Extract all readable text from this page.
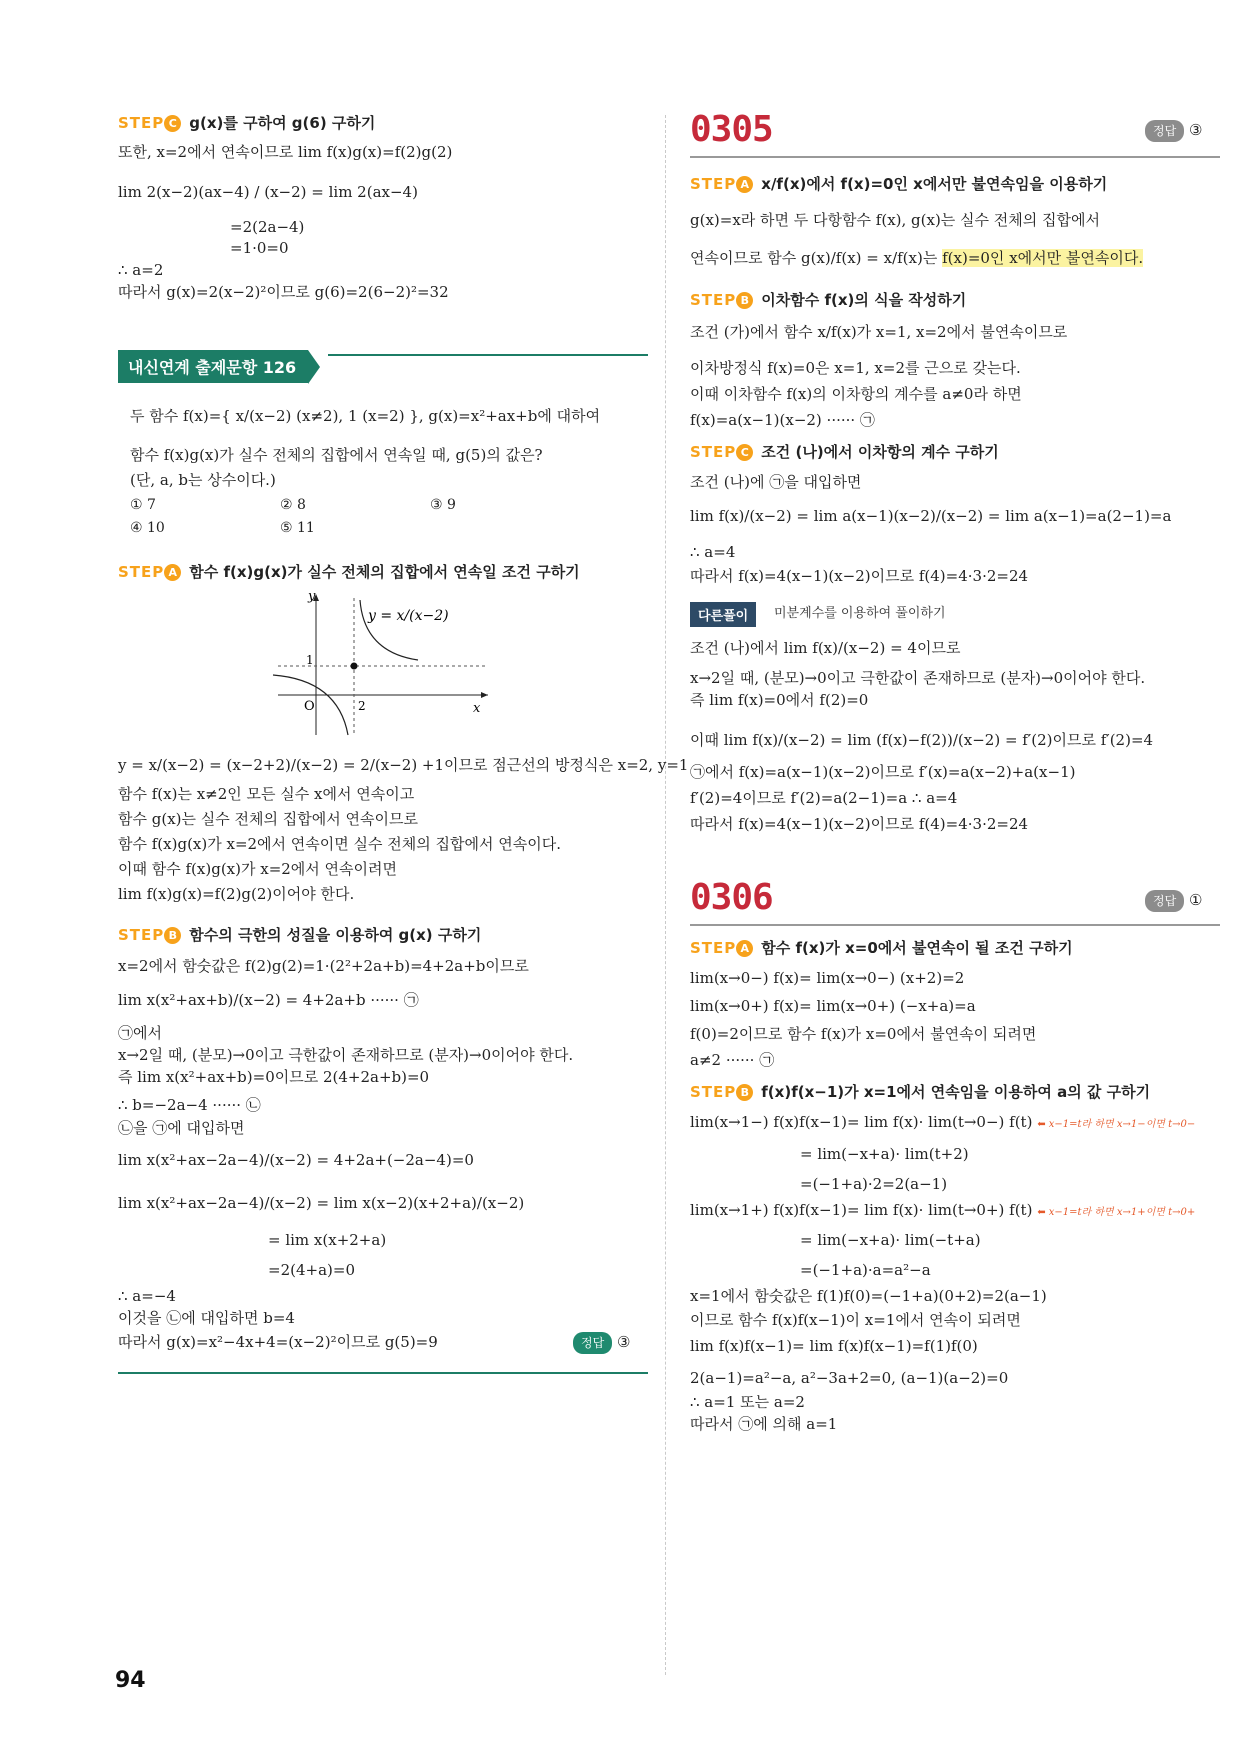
STEP C g(x)를 구하여 g(6) 구하기
또한, x=2에서 연속이므로 lim f(x)g(x)=f(2)g(2)
lim 2(x−2)(ax−4) / (x−2) = lim 2(ax−4)
=2(2a−4)
=1·0=0
∴ a=2
따라서 g(x)=2(x−2)²이므로 g(6)=2(6−2)²=32
내신연계 출제문항 126
두 함수 f(x)={ x/(x−2) (x≠2), 1 (x=2) }, g(x)=x²+ax+b에 대하여
함수 f(x)g(x)가 실수 전체의 집합에서 연속일 때, g(5)의 값은?
(단, a, b는 상수이다.)
① 7	② 8	③ 9
④ 10	⑤ 11
STEP A 함수 f(x)g(x)가 실수 전체의 집합에서 연속일 조건 구하기
y = x/(x−2)
y
x
O
1
2
y = x/(x−2) = (x−2+2)/(x−2) = 2/(x−2) +1이므로 점근선의 방정식은 x=2, y=1
함수 f(x)는 x≠2인 모든 실수 x에서 연속이고
함수 g(x)는 실수 전체의 집합에서 연속이므로
함수 f(x)g(x)가 x=2에서 연속이면 실수 전체의 집합에서 연속이다.
이때 함수 f(x)g(x)가 x=2에서 연속이려면
lim f(x)g(x)=f(2)g(2)이어야 한다.
STEP B 함수의 극한의 성질을 이용하여 g(x) 구하기
x=2에서 함숫값은 f(2)g(2)=1·(2²+2a+b)=4+2a+b이므로
lim x(x²+ax+b)/(x−2) = 4+2a+b ······ ㉠
㉠에서
x→2일 때, (분모)→0이고 극한값이 존재하므로 (분자)→0이어야 한다.
즉 lim x(x²+ax+b)=0이므로 2(4+2a+b)=0
∴ b=−2a−4 ······ ㉡
㉡을 ㉠에 대입하면
lim x(x²+ax−2a−4)/(x−2) = 4+2a+(−2a−4)=0
lim x(x²+ax−2a−4)/(x−2) = lim x(x−2)(x+2+a)/(x−2)
= lim x(x+2+a)
=2(4+a)=0
∴ a=−4
이것을 ㉡에 대입하면 b=4
따라서 g(x)=x²−4x+4=(x−2)²이므로 g(5)=9	정답 ③
0305	정답 ③
STEP A x/f(x)에서 f(x)=0인 x에서만 불연속임을 이용하기
g(x)=x라 하면 두 다항함수 f(x), g(x)는 실수 전체의 집합에서
연속이므로 함수 g(x)/f(x) = x/f(x)는 f(x)=0인 x에서만 불연속이다.
STEP B 이차함수 f(x)의 식을 작성하기
조건 (가)에서 함수 x/f(x)가 x=1, x=2에서 불연속이므로
이차방정식 f(x)=0은 x=1, x=2를 근으로 갖는다.
이때 이차함수 f(x)의 이차항의 계수를 a≠0라 하면
f(x)=a(x−1)(x−2) ······ ㉠
STEP C 조건 (나)에서 이차항의 계수 구하기
조건 (나)에 ㉠을 대입하면
lim f(x)/(x−2) = lim a(x−1)(x−2)/(x−2) = lim a(x−1)=a(2−1)=a
∴ a=4
따라서 f(x)=4(x−1)(x−2)이므로 f(4)=4·3·2=24
다른풀이	미분계수를 이용하여 풀이하기
조건 (나)에서 lim f(x)/(x−2) = 4이므로
x→2일 때, (분모)→0이고 극한값이 존재하므로 (분자)→0이어야 한다.
즉 lim f(x)=0에서 f(2)=0
이때 lim f(x)/(x−2) = lim (f(x)−f(2))/(x−2) = f′(2)이므로 f′(2)=4
㉠에서 f(x)=a(x−1)(x−2)이므로 f′(x)=a(x−2)+a(x−1)
f′(2)=4이므로 f′(2)=a(2−1)=a ∴ a=4
따라서 f(x)=4(x−1)(x−2)이므로 f(4)=4·3·2=24
0306	정답 ①
STEP A 함수 f(x)가 x=0에서 불연속이 될 조건 구하기
lim(x→0−) f(x)= lim(x→0−) (x+2)=2
lim(x→0+) f(x)= lim(x→0+) (−x+a)=a
f(0)=2이므로 함수 f(x)가 x=0에서 불연속이 되려면
a≠2 ······ ㉠
STEP B f(x)f(x−1)가 x=1에서 연속임을 이용하여 a의 값 구하기
lim(x→1−) f(x)f(x−1)= lim f(x)· lim(t→0−) f(t) ⬅ x−1=t라 하면 x→1−이면 t→0−
= lim(−x+a)· lim(t+2)
=(−1+a)·2=2(a−1)
lim(x→1+) f(x)f(x−1)= lim f(x)· lim(t→0+) f(t) ⬅ x−1=t라 하면 x→1+이면 t→0+
= lim(−x+a)· lim(−t+a)
=(−1+a)·a=a²−a
x=1에서 함숫값은 f(1)f(0)=(−1+a)(0+2)=2(a−1)
이므로 함수 f(x)f(x−1)이 x=1에서 연속이 되려면
lim f(x)f(x−1)= lim f(x)f(x−1)=f(1)f(0)
2(a−1)=a²−a, a²−3a+2=0, (a−1)(a−2)=0
∴ a=1 또는 a=2
따라서 ㉠에 의해 a=1
94
